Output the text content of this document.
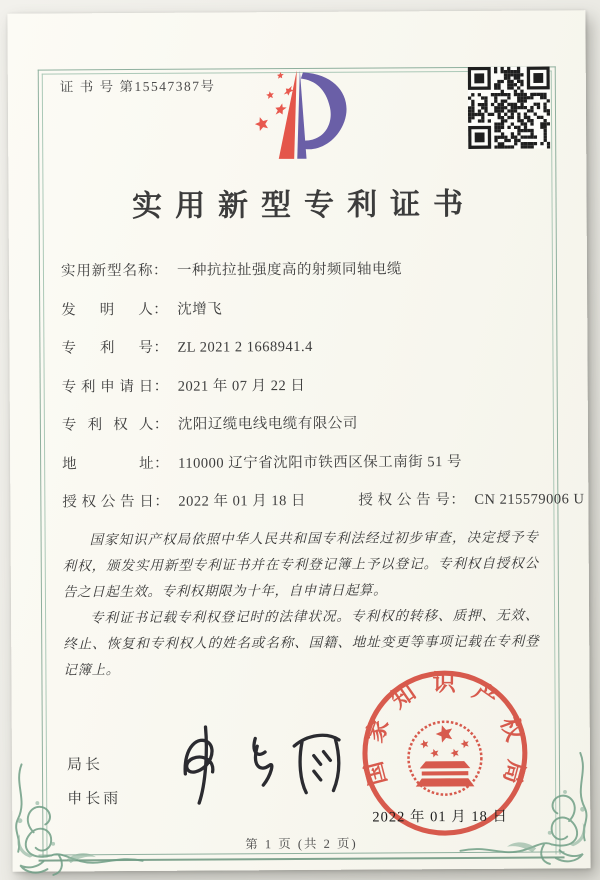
证 书 号 第15547387号
实用新型专利证书
实用新型名称： 一种抗拉扯强度高的射频同轴电缆
发明人： 沈增飞
专利号： ZL 2021 2 1668941.4
专利申请日： 2021 年 07 月 22 日
专利权人： 沈阳辽缆电线电缆有限公司
地址： 110000 辽宁省沈阳市铁西区保工南街 51 号
授权公告日： 2022 年 01 月 18 日	授权公告号： CN 215579006 U

国家知识产权局依照中华人民共和国专利法经过初步审查，决定授予专利权，颁发实用新型专利证书并在专利登记簿上予以登记。专利权自授权公告之日起生效。专利权期限为十年，自申请日起算。

专利证书记载专利权登记时的法律状况。专利权的转移、质押、无效、终止、恢复和专利权人的姓名或名称、国籍、地址变更等事项记载在专利登记簿上。

局长
申长雨
国家知识产权局
2022 年 01 月 18 日
第 1 页 (共 2 页)
